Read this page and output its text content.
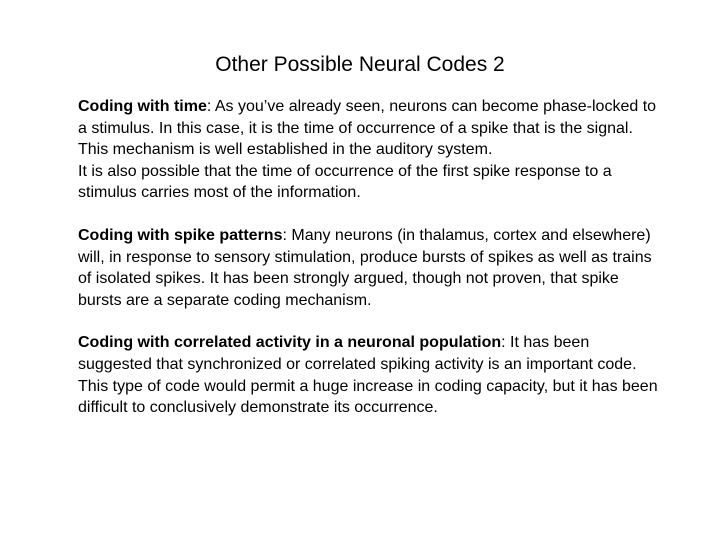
Other Possible Neural Codes 2

Coding with time: As you’ve already seen, neurons can become phase-locked to a stimulus. In this case, it is the time of occurrence of a spike that is the signal. This mechanism is well established in the auditory system.
It is also possible that the time of occurrence of the first spike response to a stimulus carries most of the information.

Coding with spike patterns: Many neurons (in thalamus, cortex and elsewhere) will, in response to sensory stimulation, produce bursts of spikes as well as trains of isolated spikes. It has been strongly argued, though not proven, that spike bursts are a separate coding mechanism.

Coding with correlated activity in a neuronal population: It has been suggested that synchronized or correlated spiking activity is an important code. This type of code would permit a huge increase in coding capacity, but it has been difficult to conclusively demonstrate its occurrence.
